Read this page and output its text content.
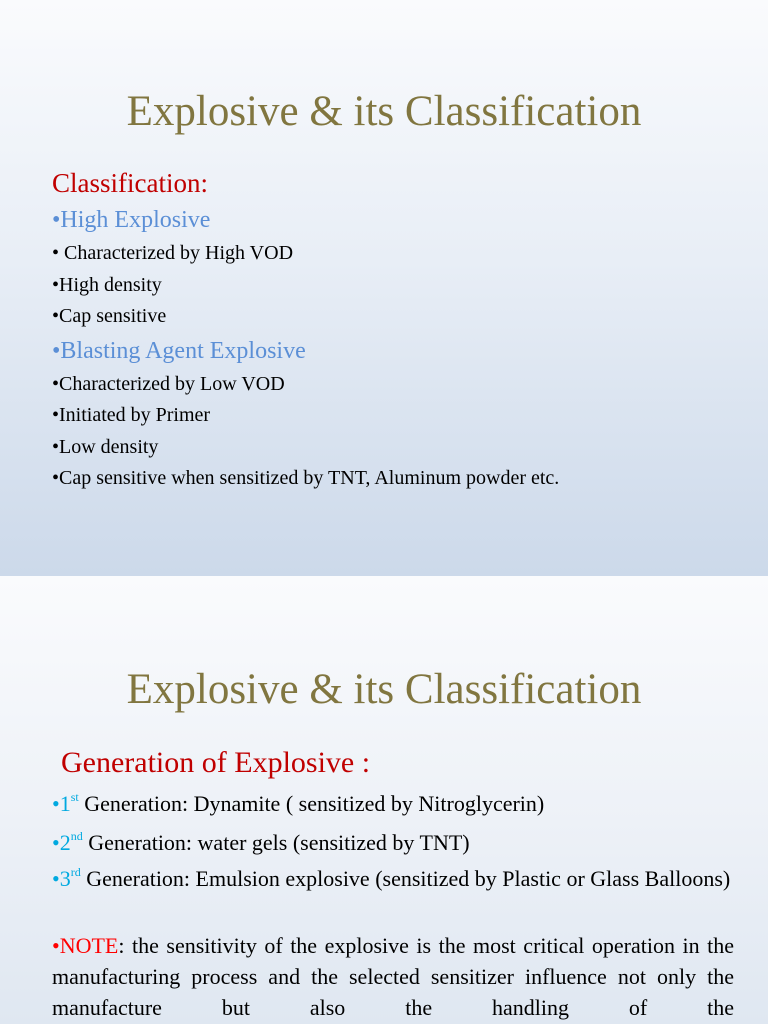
Explosive & its Classification
Classification:
•High Explosive
• Characterized by High VOD
•High density
•Cap sensitive
•Blasting Agent Explosive
•Characterized by Low VOD
•Initiated by Primer
•Low density
•Cap sensitive when sensitized by TNT, Aluminum powder etc.
Explosive & its Classification
Generation of Explosive :
•1st Generation: Dynamite ( sensitized by Nitroglycerin)
•2nd Generation: water gels (sensitized by TNT)
•3rd Generation: Emulsion explosive (sensitized by Plastic or Glass Balloons)
•NOTE: the sensitivity of the explosive is the most critical operation in the manufacturing process and the selected sensitizer influence not only the manufacture but also the handling of the
